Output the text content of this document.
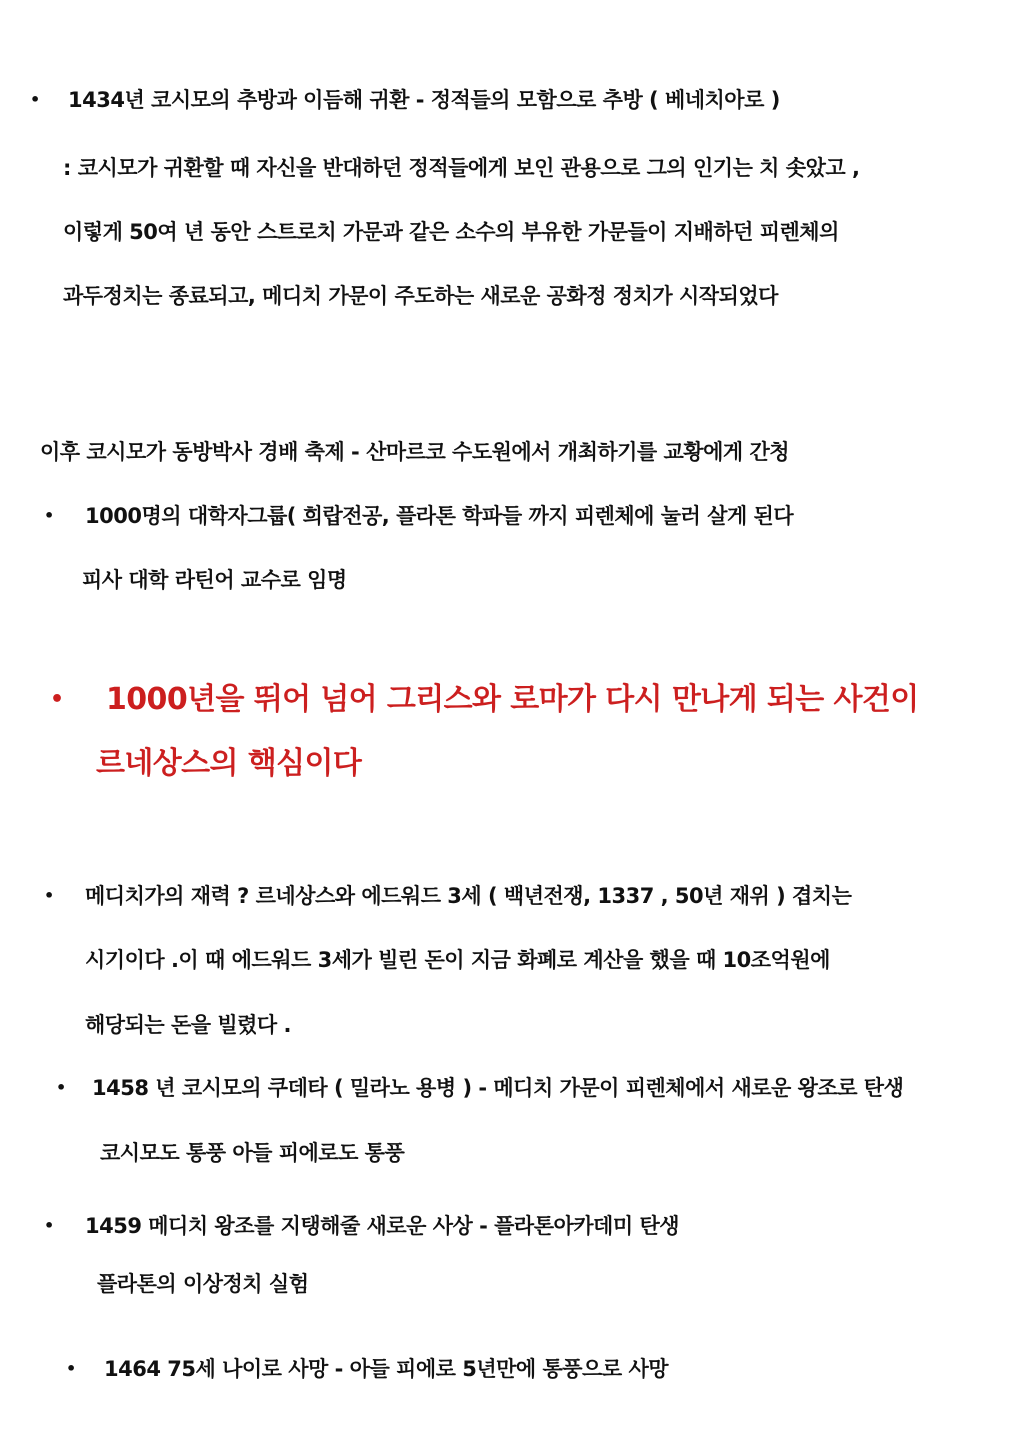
• 1434년 코시모의 추방과 이듬해 귀환 - 정적들의 모함으로 추방 ( 베네치아로 )
: 코시모가 귀환할 때 자신을 반대하던 정적들에게 보인 관용으로 그의 인기는 치 솟았고 ,
이렇게 50여 년 동안 스트로치 가문과 같은 소수의 부유한 가문들이 지배하던 피렌체의
과두정치는 종료되고, 메디치 가문이 주도하는 새로운 공화정 정치가 시작되었다
이후 코시모가 동방박사 경배 축제 - 산마르코 수도원에서 개최하기를 교황에게 간청
• 1000명의 대학자그룹( 희랍전공, 플라톤 학파들 까지 피렌체에 눌러 살게 된다
피사 대학 라틴어 교수로 임명
• 1000년을 뛰어 넘어 그리스와 로마가 다시 만나게 되는 사건이
르네상스의 핵심이다
• 메디치가의 재력 ? 르네상스와 에드워드 3세 ( 백년전쟁, 1337 , 50년 재위 ) 겹치는
시기이다 .이 때 에드워드 3세가 빌린 돈이 지금 화폐로 계산을 했을 때 10조억원에
해당되는 돈을 빌렸다 .
• 1458 년 코시모의 쿠데타 ( 밀라노 용병 ) - 메디치 가문이 피렌체에서 새로운 왕조로 탄생
코시모도 통풍 아들 피에로도 통풍
• 1459 메디치 왕조를 지탱해줄 새로운 사상 - 플라톤아카데미 탄생
플라톤의 이상정치 실험
• 1464 75세 나이로 사망 - 아들 피에로 5년만에 통풍으로 사망
